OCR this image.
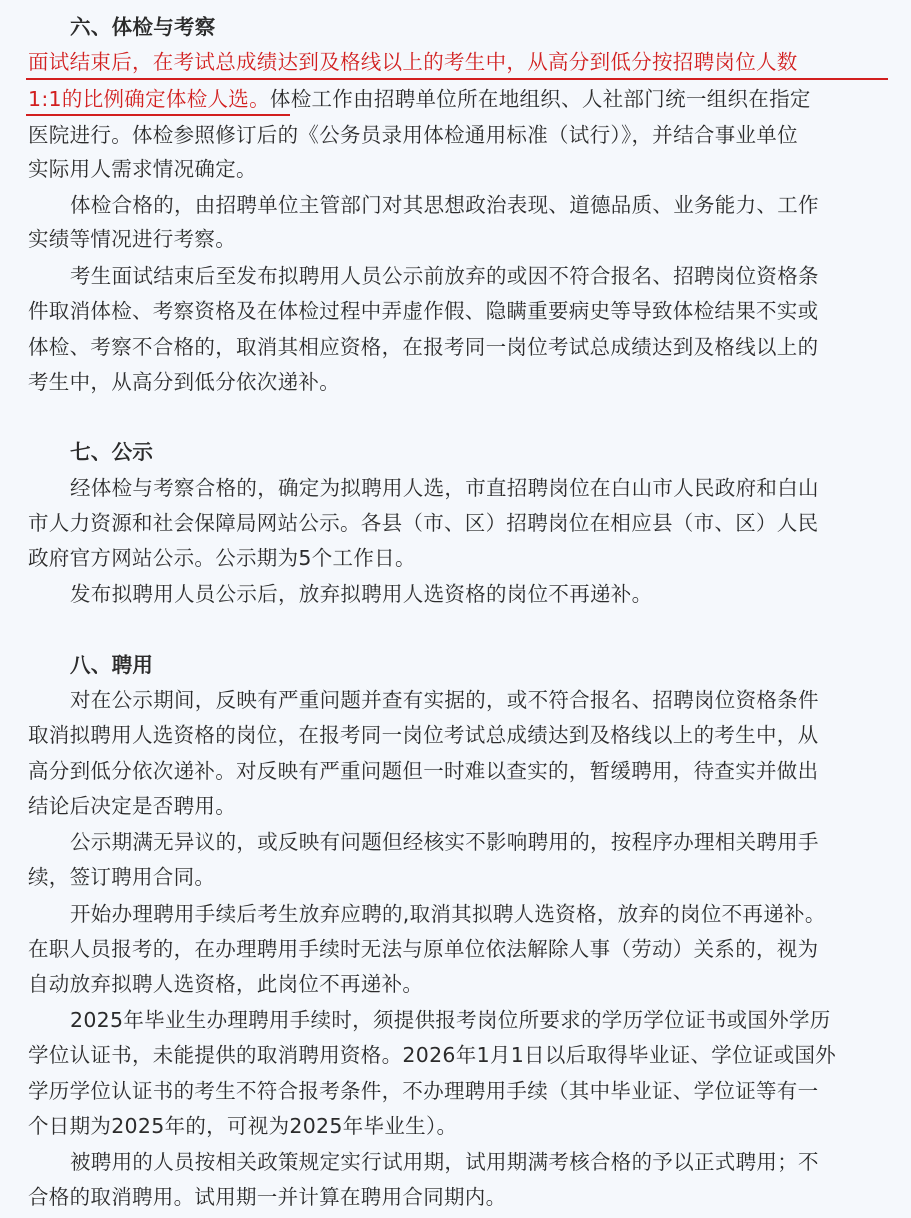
六、体检与考察
面试结束后，在考试总成绩达到及格线以上的考生中，从高分到低分按招聘岗位人数
1:1的比例确定体检人选。体检工作由招聘单位所在地组织、人社部门统一组织在指定
医院进行。体检参照修订后的《公务员录用体检通用标准（试行）》，并结合事业单位
实际用人需求情况确定。
体检合格的，由招聘单位主管部门对其思想政治表现、道德品质、业务能力、工作
实绩等情况进行考察。
考生面试结束后至发布拟聘用人员公示前放弃的或因不符合报名、招聘岗位资格条
件取消体检、考察资格及在体检过程中弄虚作假、隐瞒重要病史等导致体检结果不实或
体检、考察不合格的，取消其相应资格，在报考同一岗位考试总成绩达到及格线以上的
考生中，从高分到低分依次递补。
七、公示
经体检与考察合格的，确定为拟聘用人选，市直招聘岗位在白山市人民政府和白山
市人力资源和社会保障局网站公示。各县（市、区）招聘岗位在相应县（市、区）人民
政府官方网站公示。公示期为5个工作日。
发布拟聘用人员公示后，放弃拟聘用人选资格的岗位不再递补。
八、聘用
对在公示期间，反映有严重问题并查有实据的，或不符合报名、招聘岗位资格条件
取消拟聘用人选资格的岗位，在报考同一岗位考试总成绩达到及格线以上的考生中，从
高分到低分依次递补。对反映有严重问题但一时难以查实的，暂缓聘用，待查实并做出
结论后决定是否聘用。
公示期满无异议的，或反映有问题但经核实不影响聘用的，按程序办理相关聘用手
续，签订聘用合同。
开始办理聘用手续后考生放弃应聘的,取消其拟聘人选资格，放弃的岗位不再递补。
在职人员报考的，在办理聘用手续时无法与原单位依法解除人事（劳动）关系的，视为
自动放弃拟聘人选资格，此岗位不再递补。
2025年毕业生办理聘用手续时，须提供报考岗位所要求的学历学位证书或国外学历
学位认证书，未能提供的取消聘用资格。2026年1月1日以后取得毕业证、学位证或国外
学历学位认证书的考生不符合报考条件，不办理聘用手续（其中毕业证、学位证等有一
个日期为2025年的，可视为2025年毕业生）。
被聘用的人员按相关政策规定实行试用期，试用期满考核合格的予以正式聘用；不
合格的取消聘用。试用期一并计算在聘用合同期内。
